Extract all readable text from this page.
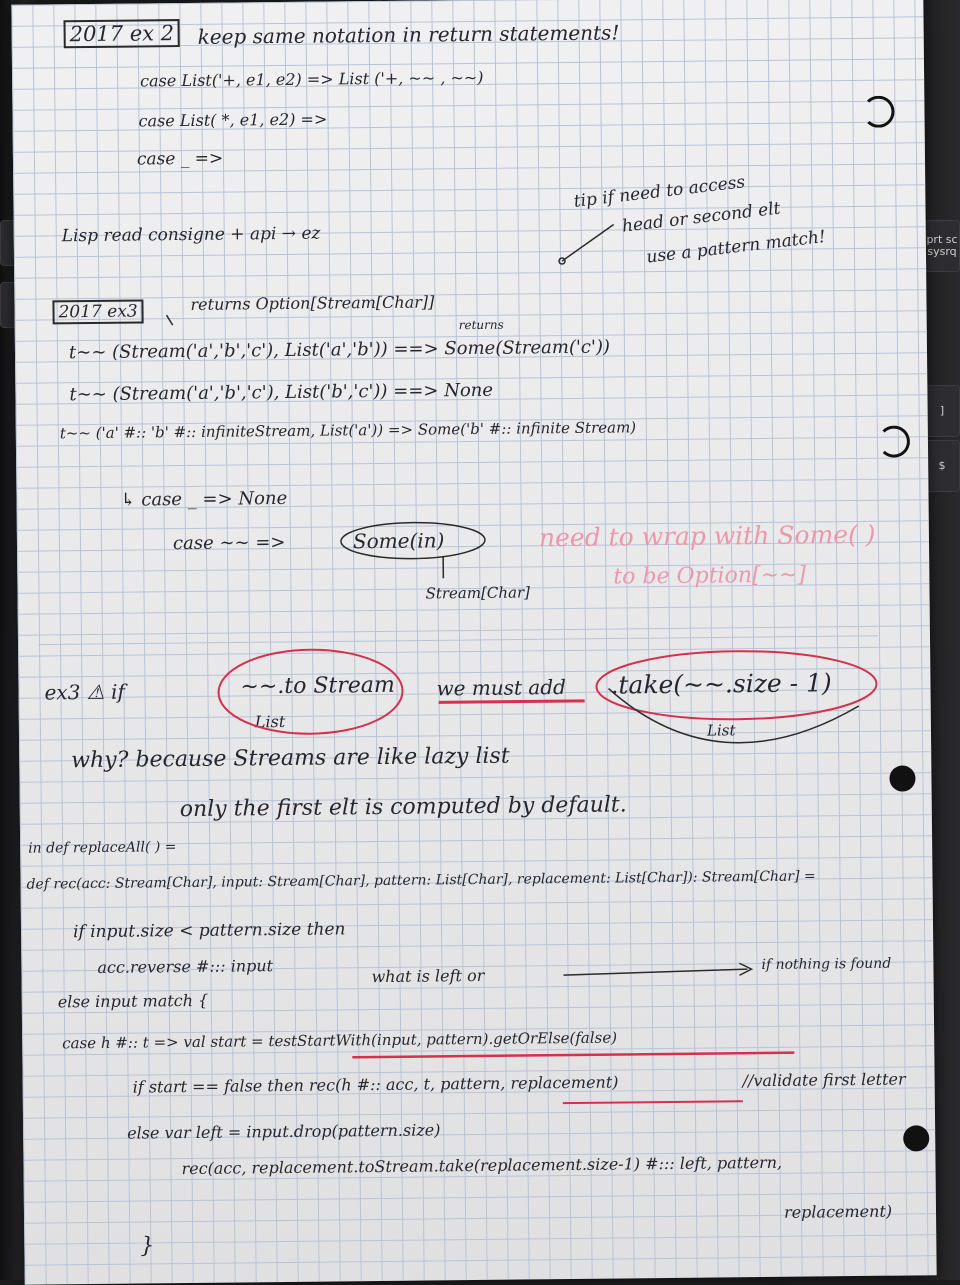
prt sc sysrq
]
$
2017 ex 2	keep same notation in return statements!
case List('+, e1, e2) => List ('+, ~~ , ~~)
case List( *, e1, e2) =>
case _ =>
Lisp read consigne + api → ez
tip if need to access
head or second elt
use a pattern match!
2017 ex3	returns Option[Stream[Char]]
returns
t~~ (Stream('a','b','c'), List('a','b')) ==> Some(Stream('c'))
t~~ (Stream('a','b','c'), List('b','c')) ==> None
t~~ ('a' #:: 'b' #:: infiniteStream, List('a')) => Some('b' #:: infinite Stream)
↳ case _ => None
case ~~ =>	Some(in)
Stream[Char]
need to wrap with Some( )
to be Option[~~]
ex3 ⚠ if	~~.to Stream
List
we must add .take(~~.size - 1)
List
why? because Streams are like lazy list
only the first elt is computed by default.
in def replaceAll( ) =
def rec(acc: Stream[Char], input: Stream[Char], pattern: List[Char], replacement: List[Char]): Stream[Char] =
if input.size < pattern.size then
acc.reverse #::: input	what is left or
if nothing is found
else input match {
case h #:: t => val start = testStartWith(input, pattern).getOrElse(false)
if start == false then rec(h #:: acc, t, pattern, replacement)	//validate first letter
else var left = input.drop(pattern.size)
rec(acc, replacement.toStream.take(replacement.size-1) #::: left, pattern,
replacement)
}
